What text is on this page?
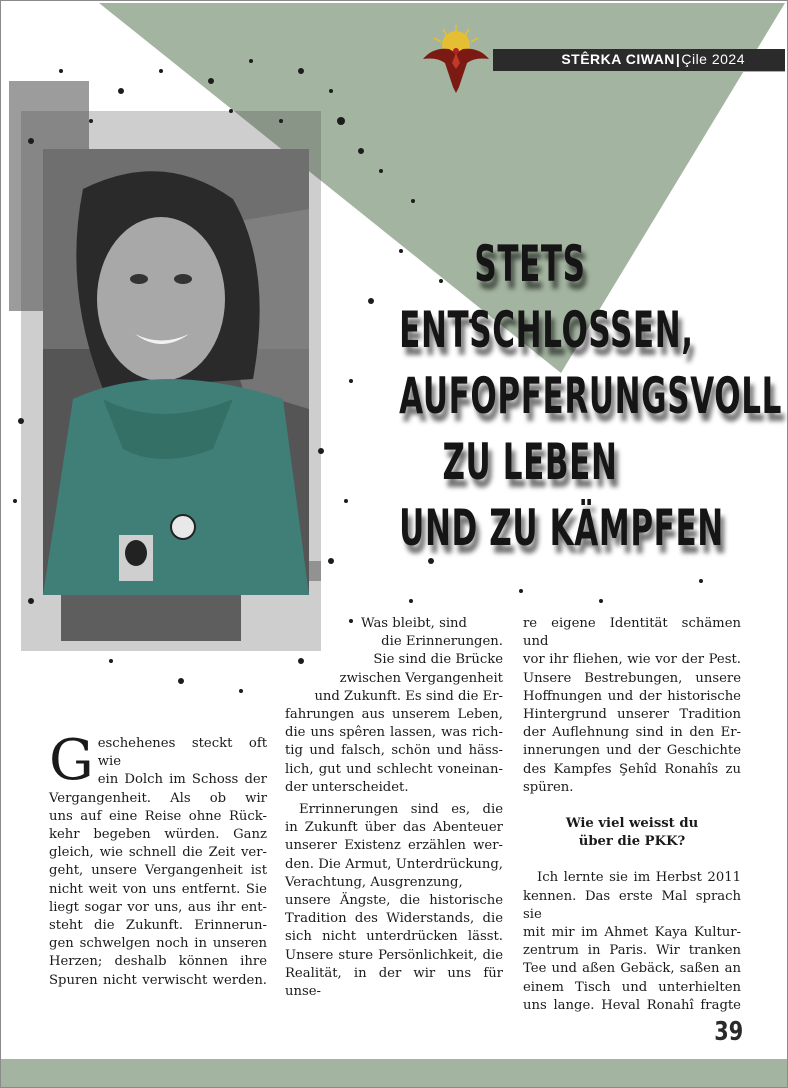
STÊRKA CIWAN|Çile 2024
STETS
ENTSCHLOSSEN,
AUFOPFERUNGSVOLL
ZU LEBEN
UND ZU KÄMPFEN
G eschehenes steckt oft wie
ein Dolch im Schoss der
Vergangenheit. Als ob wir
uns auf eine Reise ohne Rück-
kehr begeben würden. Ganz
gleich, wie schnell die Zeit ver-
geht, unsere Vergangenheit ist
nicht weit von uns entfernt. Sie
liegt sogar vor uns, aus ihr ent-
steht die Zukunft. Erinnerun-
gen schwelgen noch in unseren
Herzen; deshalb können ihre
Spuren nicht verwischt werden.
Was bleibt, sind
die Erinnerungen.
Sie sind die Brücke
zwischen Vergangenheit
und Zukunft. Es sind die Er-
fahrungen aus unserem Leben,
die uns spêren lassen, was rich-
tig und falsch, schön und häss-
lich, gut und schlecht voneinan-
der unterscheidet.
Errinnerungen sind es, die
in Zukunft über das Abenteuer
unserer Existenz erzählen wer-
den. Die Armut, Unterdrückung,
Verachtung, Ausgrenzung,
unsere Ängste, die historische
Tradition des Widerstands, die
sich nicht unterdrücken lässt.
Unsere sture Persönlichkeit, die
Realität, in der wir uns für unse-
re eigene Identität schämen und
vor ihr fliehen, wie vor der Pest.
Unsere Bestrebungen, unsere
Hoffnungen und der historische
Hintergrund unserer Tradition
der Auflehnung sind in den Er-
innerungen und der Geschichte
des Kampfes Şehîd Ronahîs zu
spüren.
Wie viel weisst du
über die PKK?
Ich lernte sie im Herbst 2011
kennen. Das erste Mal sprach sie
mit mir im Ahmet Kaya Kultur-
zentrum in Paris. Wir tranken
Tee und aßen Gebäck, saßen an
einem Tisch und unterhielten
uns lange. Heval Ronahî fragte
39
